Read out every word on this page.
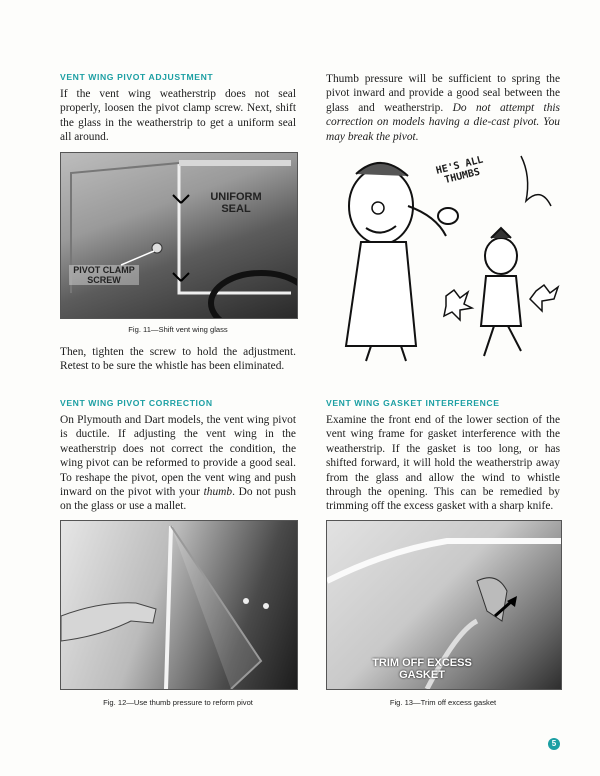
VENT WING PIVOT ADJUSTMENT

If the vent wing weatherstrip does not seal properly, loosen the pivot clamp screw. Next, shift the glass in the weatherstrip to get a uniform seal all around.

UNIFORM SEAL
PIVOT CLAMP SCREW
Fig. 11—Shift vent wing glass

Then, tighten the screw to hold the adjustment. Retest to be sure the whistle has been eliminated.

VENT WING PIVOT CORRECTION

On Plymouth and Dart models, the vent wing pivot is ductile. If adjusting the vent wing in the weatherstrip does not correct the condition, the wing pivot can be reformed to provide a good seal. To reshape the pivot, open the vent wing and push inward on the pivot with your thumb. Do not push on the glass or use a mallet.

Fig. 12—Use thumb pressure to reform pivot

Thumb pressure will be sufficient to spring the pivot inward and provide a good seal between the glass and weatherstrip. Do not attempt this correction on models having a die-cast pivot. You may break the pivot.

HE'S ALL THUMBS
VENT WING GASKET INTERFERENCE

Examine the front end of the lower section of the vent wing frame for gasket interference with the weatherstrip. If the gasket is too long, or has shifted forward, it will hold the weatherstrip away from the glass and allow the wind to whistle through the opening. This can be remedied by trimming off the excess gasket with a sharp knife.

TRIM OFF EXCESS GASKET
Fig. 13—Trim off excess gasket
5
